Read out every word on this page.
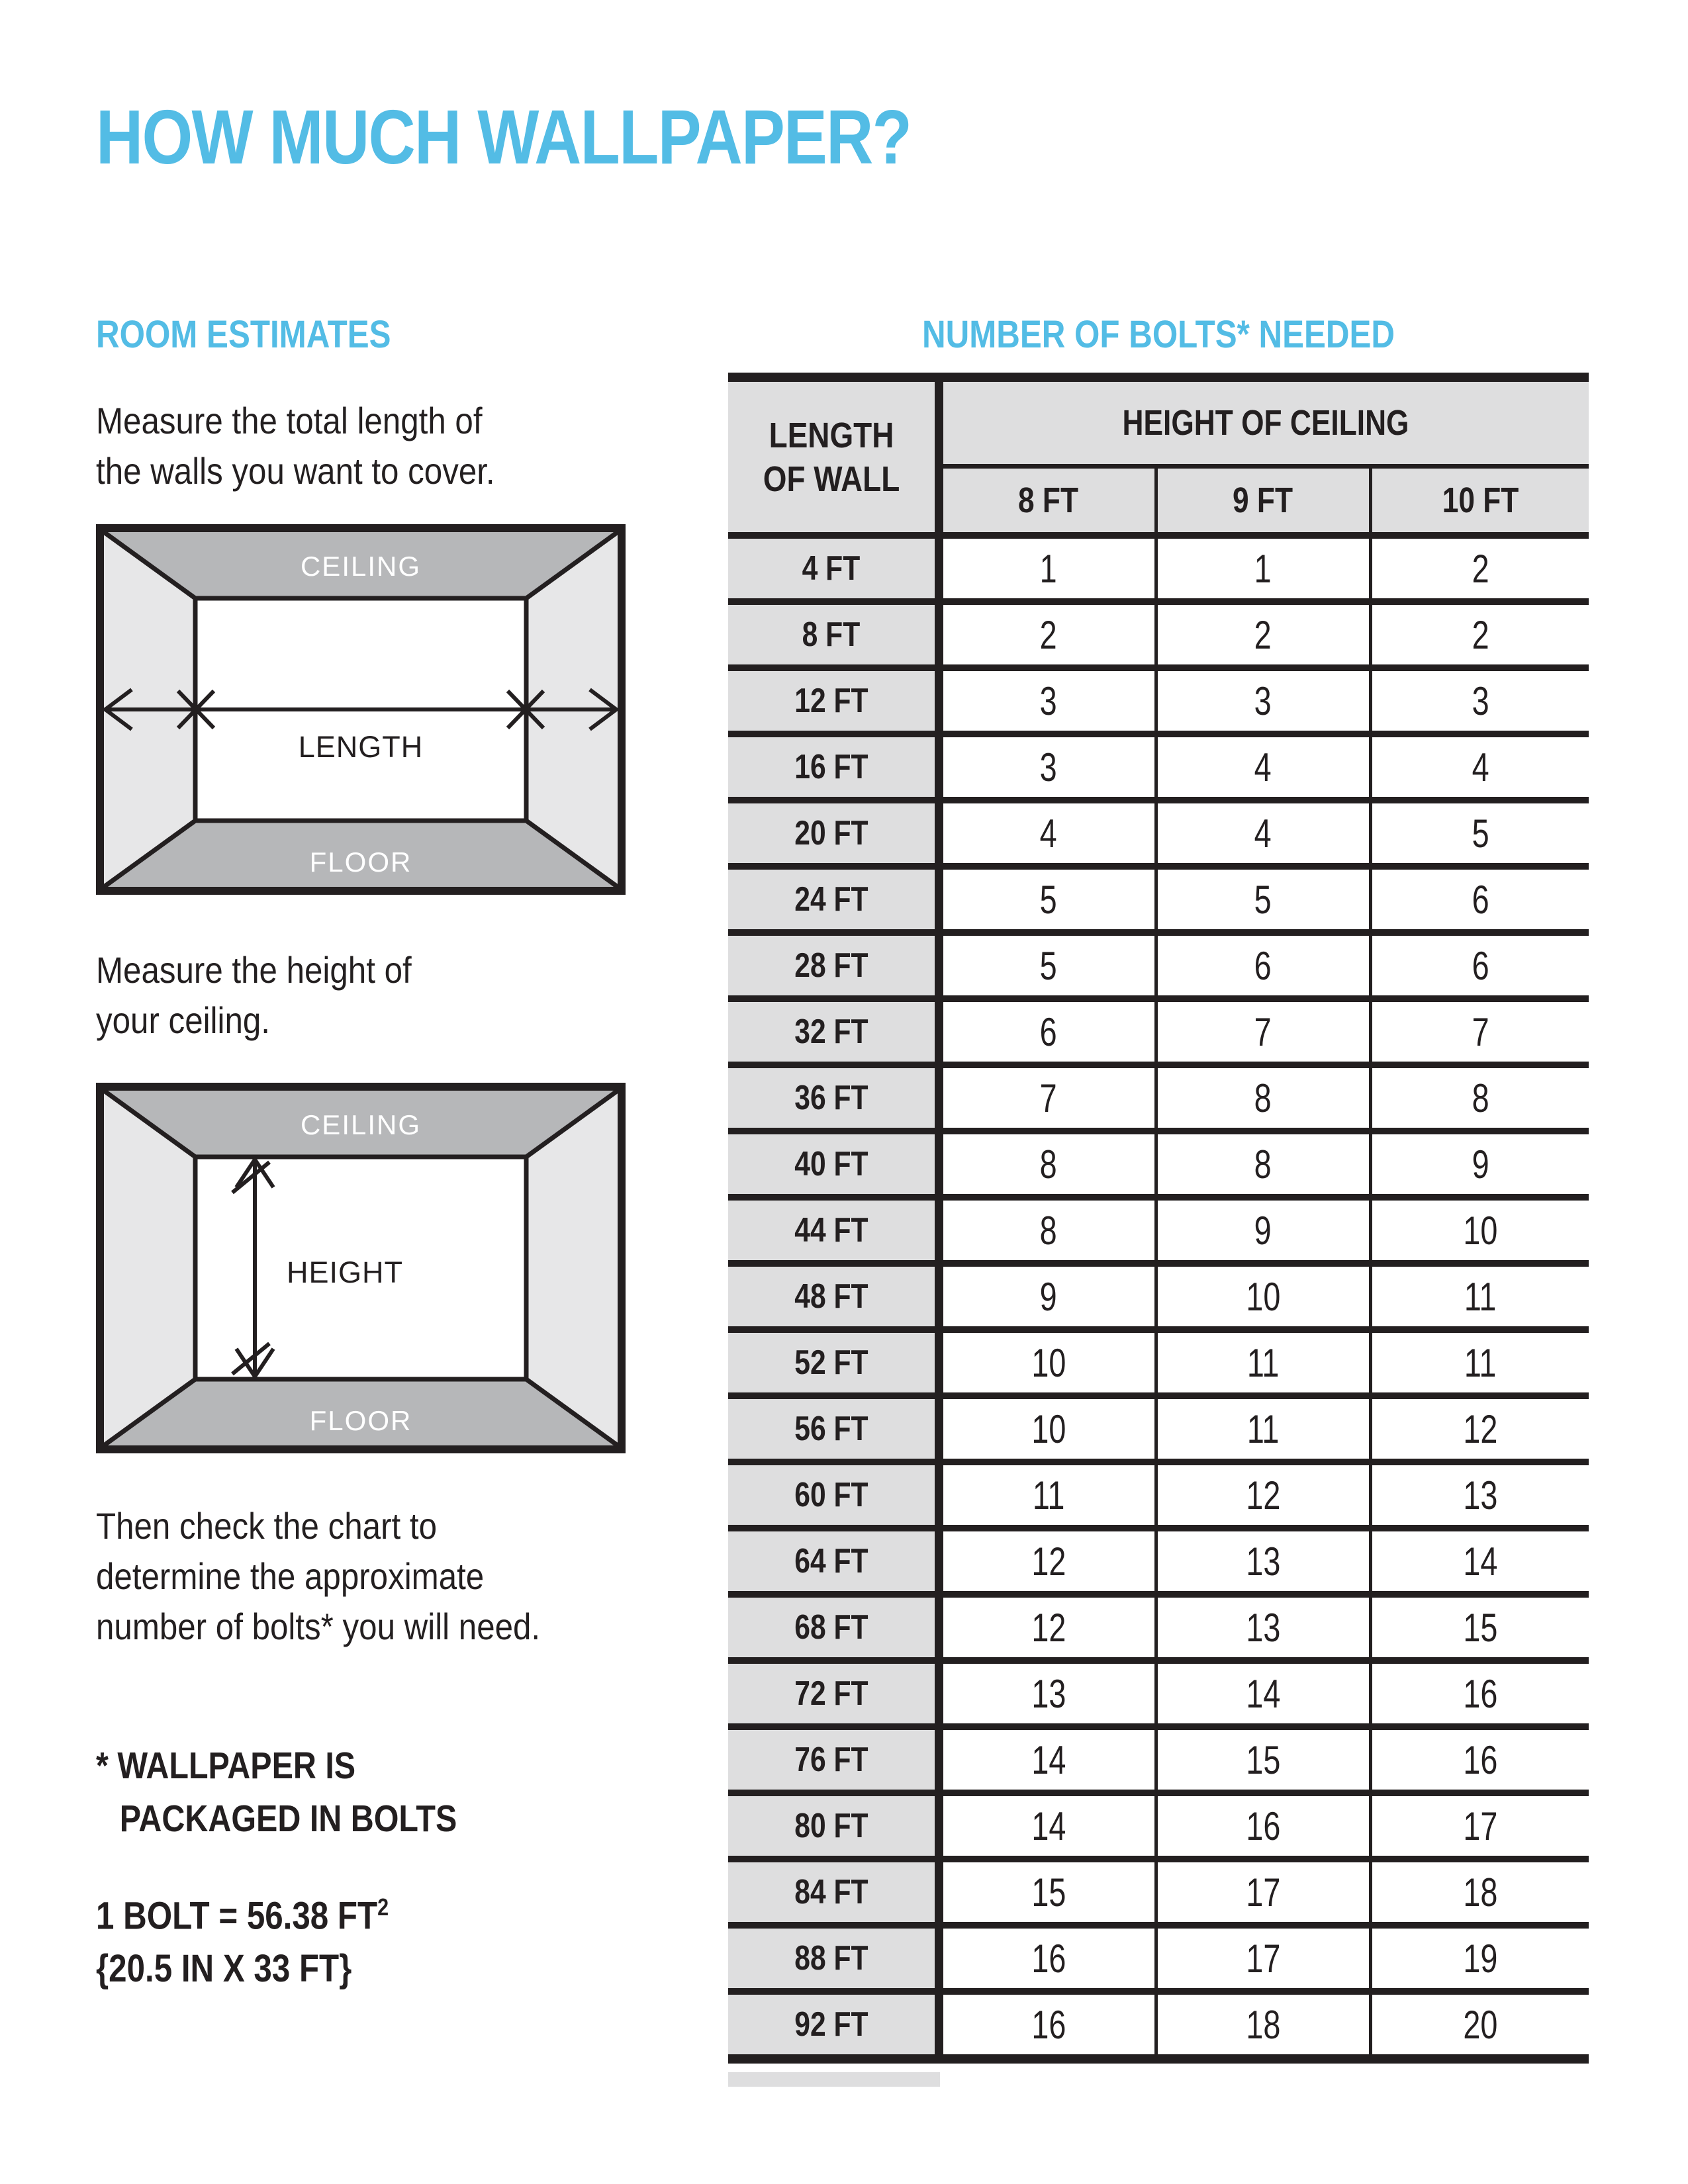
HOW MUCH WALLPAPER?
ROOM ESTIMATES	NUMBER OF BOLTS* NEEDED
Measure the total length of
the walls you want to cover.
CEILING
FLOOR
LENGTH
Measure the height of
your ceiling.
CEILING
FLOOR
HEIGHT
Then check the chart to
determine the approximate
number of bolts* you will need.
* WALLPAPER IS
PACKAGED IN BOLTS
1 BOLT = 56.38 $FT^2$
{20.5 IN X 33 FT}
LENGTH OF WALL	HEIGHT OF CEILING		
	8 FT	9 FT	10 FT
4 FT	1	1	2
8 FT	2	2	2
12 FT	3	3	3
16 FT	3	4	4
20 FT	4	4	5
24 FT	5	5	6
28 FT	5	6	6
32 FT	6	7	7
36 FT	7	8	8
40 FT	8	8	9
44 FT	8	9	10
48 FT	9	10	11
52 FT	10	11	11
56 FT	10	11	12
60 FT	11	12	13
64 FT	12	13	14
68 FT	12	13	15
72 FT	13	14	16
76 FT	14	15	16
80 FT	14	16	17
84 FT	15	17	18
88 FT	16	17	19
92 FT	16	18	20
